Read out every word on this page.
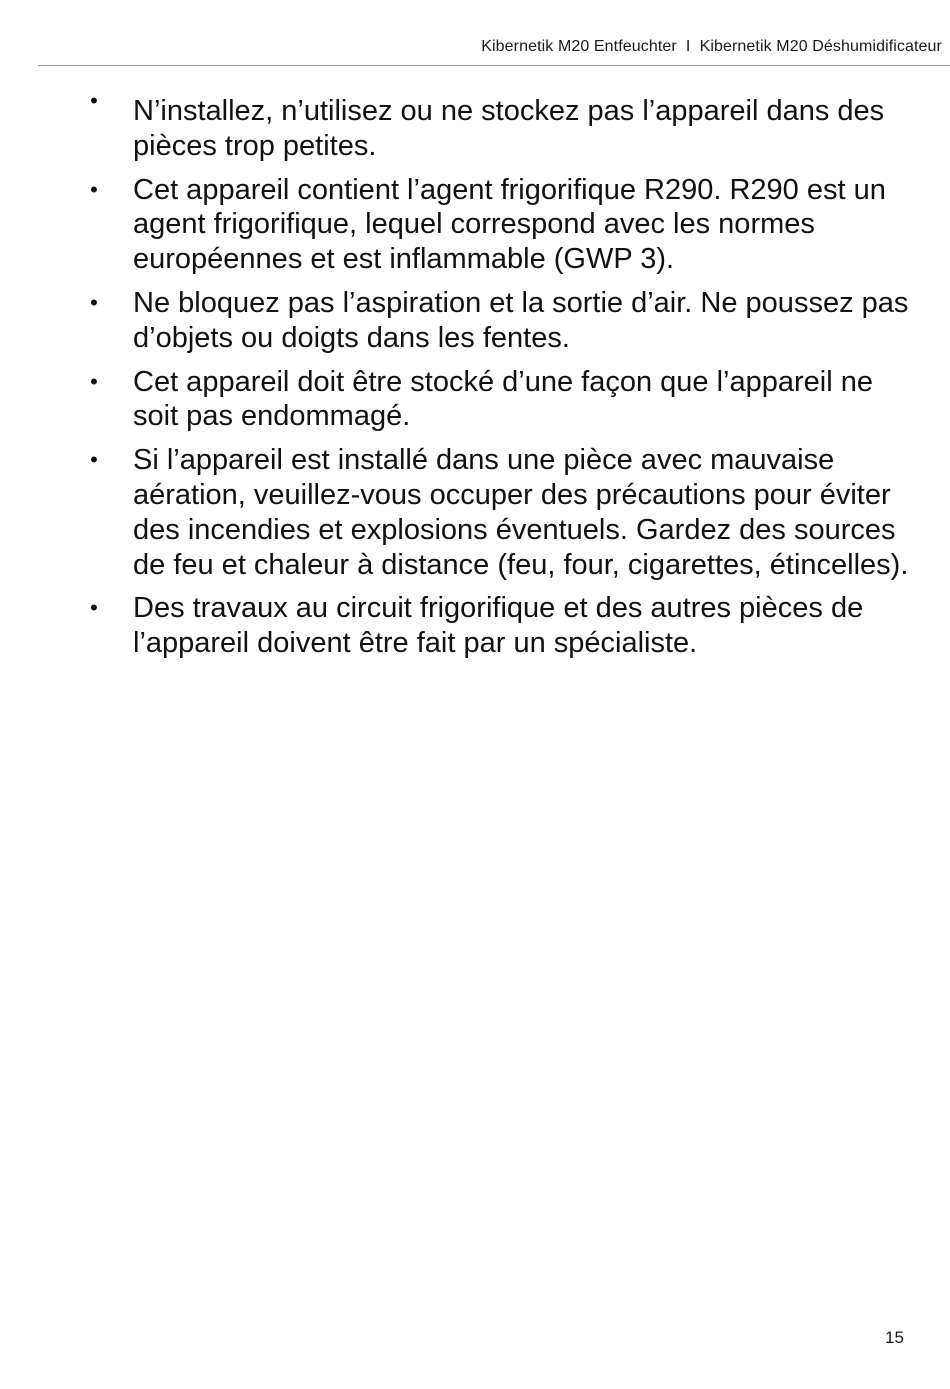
Kibernetik M20 Entfeuchter  I  Kibernetik M20 Déshumidificateur
• N’installez, n’utilisez ou ne stockez pas l’appareil dans des pièces trop petites.
• Cet appareil contient l’agent frigorifique R290. R290 est un agent frigorifique, lequel correspond avec les normes européennes et est inflammable (GWP 3).
• Ne bloquez pas l’aspiration et la sortie d’air. Ne poussez pas d’objets ou doigts dans les fentes.
• Cet appareil doit être stocké d’une façon que l’appareil ne soit pas endommagé.
• Si l’appareil est installé dans une pièce avec mauvaise aération, veuillez-vous occuper des précautions pour éviter des incendies et explosions éventuels. Gardez des sources de feu et chaleur à distance (feu, four, cigarettes, étincelles).
• Des travaux au circuit frigorifique et des autres pièces de l’appareil doivent être fait par un spécialiste.
15
